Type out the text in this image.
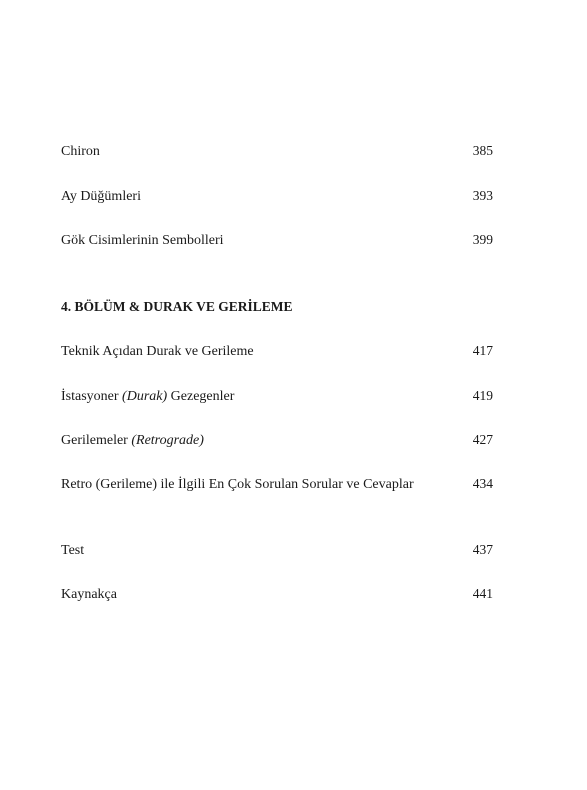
Chiron	385
Ay Düğümleri	393
Gök Cisimlerinin Sembolleri	399
4. BÖLÜM & DURAK VE GERİLEME
Teknik Açıdan Durak ve Gerileme	417
İstasyoner (Durak) Gezegenler	419
Gerilemeler (Retrograde)	427
Retro (Gerileme) ile İlgili En Çok Sorulan Sorular ve Cevaplar	434
Test	437
Kaynakça	441
